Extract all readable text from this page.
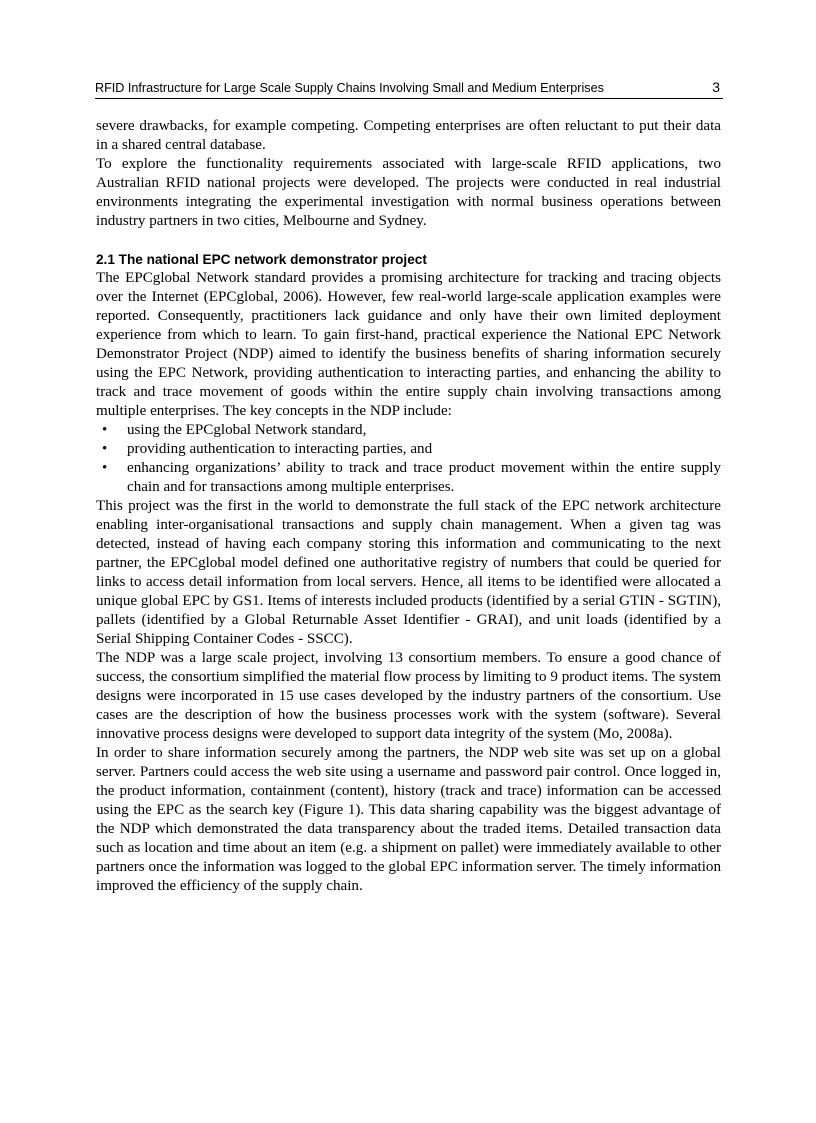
RFID Infrastructure for Large Scale Supply Chains Involving Small and Medium Enterprises	3

severe drawbacks, for example competing. Competing enterprises are often reluctant to put their data in a shared central database.

To explore the functionality requirements associated with large-scale RFID applications, two Australian RFID national projects were developed. The projects were conducted in real industrial environments integrating the experimental investigation with normal business operations between industry partners in two cities, Melbourne and Sydney.

2.1 The national EPC network demonstrator project

The EPCglobal Network standard provides a promising architecture for tracking and tracing objects over the Internet (EPCglobal, 2006). However, few real-world large-scale application examples were reported. Consequently, practitioners lack guidance and only have their own limited deployment experience from which to learn. To gain first-hand, practical experience the National EPC Network Demonstrator Project (NDP) aimed to identify the business benefits of sharing information securely using the EPC Network, providing authentication to interacting parties, and enhancing the ability to track and trace movement of goods within the entire supply chain involving transactions among multiple enterprises. The key concepts in the NDP include:

• using the EPCglobal Network standard,
• providing authentication to interacting parties, and
• enhancing organizations’ ability to track and trace product movement within the entire supply chain and for transactions among multiple enterprises.

This project was the first in the world to demonstrate the full stack of the EPC network architecture enabling inter-organisational transactions and supply chain management. When a given tag was detected, instead of having each company storing this information and communicating to the next partner, the EPCglobal model defined one authoritative registry of numbers that could be queried for links to access detail information from local servers. Hence, all items to be identified were allocated a unique global EPC by GS1. Items of interests included products (identified by a serial GTIN - SGTIN), pallets (identified by a Global Returnable Asset Identifier - GRAI), and unit loads (identified by a Serial Shipping Container Codes - SSCC).

The NDP was a large scale project, involving 13 consortium members. To ensure a good chance of success, the consortium simplified the material flow process by limiting to 9 product items. The system designs were incorporated in 15 use cases developed by the industry partners of the consortium. Use cases are the description of how the business processes work with the system (software). Several innovative process designs were developed to support data integrity of the system (Mo, 2008a).

In order to share information securely among the partners, the NDP web site was set up on a global server. Partners could access the web site using a username and password pair control. Once logged in, the product information, containment (content), history (track and trace) information can be accessed using the EPC as the search key (Figure 1). This data sharing capability was the biggest advantage of the NDP which demonstrated the data transparency about the traded items. Detailed transaction data such as location and time about an item (e.g. a shipment on pallet) were immediately available to other partners once the information was logged to the global EPC information server. The timely information improved the efficiency of the supply chain.
